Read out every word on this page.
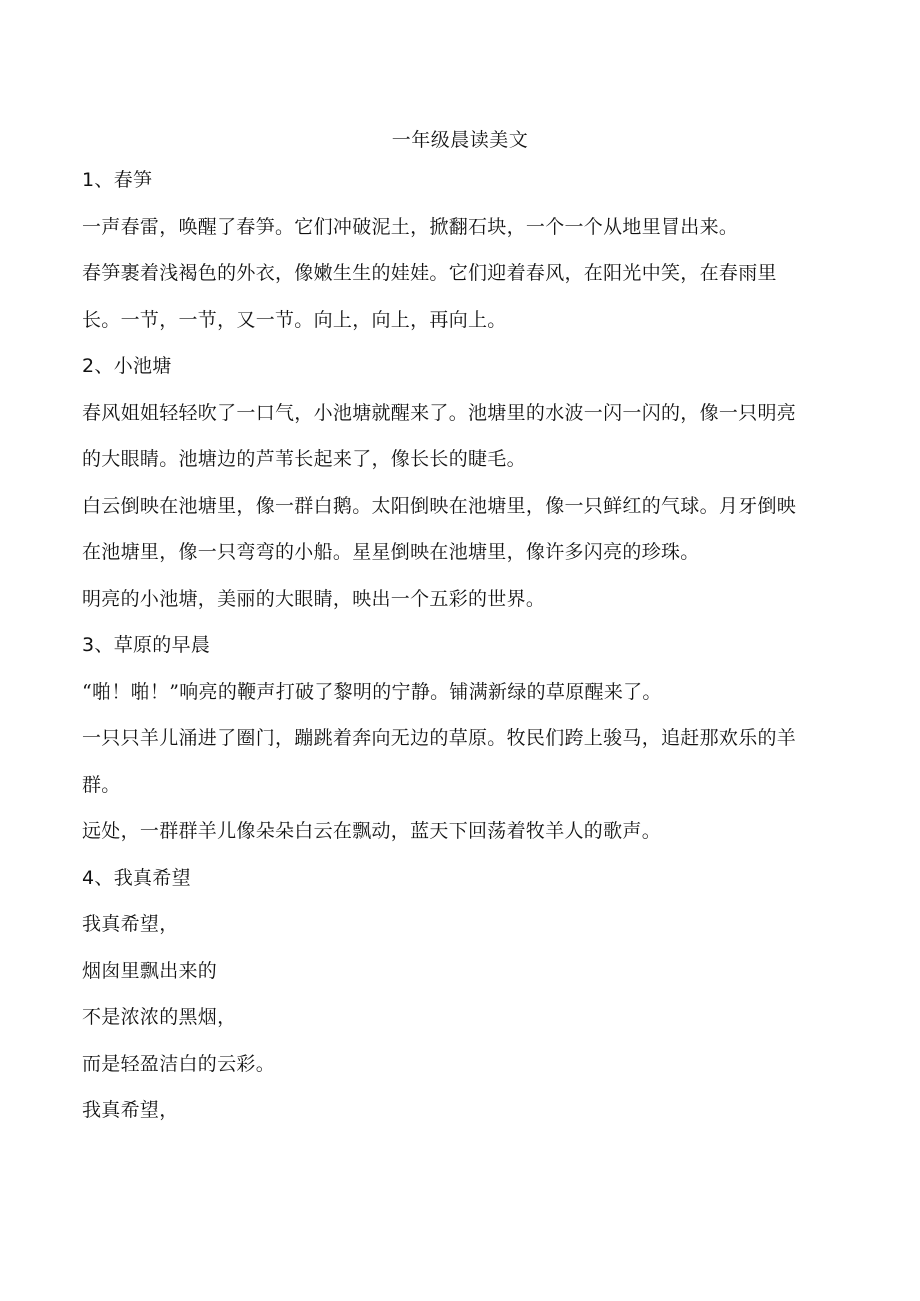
一年级晨读美文
1、春笋
一声春雷，唤醒了春笋。它们冲破泥土，掀翻石块，一个一个从地里冒出来。
春笋裹着浅褐色的外衣，像嫩生生的娃娃。它们迎着春风，在阳光中笑，在春雨里
长。一节，一节，又一节。向上，向上，再向上。
2、小池塘
春风姐姐轻轻吹了一口气，小池塘就醒来了。池塘里的水波一闪一闪的，像一只明亮
的大眼睛。池塘边的芦苇长起来了，像长长的睫毛。
白云倒映在池塘里，像一群白鹅。太阳倒映在池塘里，像一只鲜红的气球。月牙倒映
在池塘里，像一只弯弯的小船。星星倒映在池塘里，像许多闪亮的珍珠。
明亮的小池塘，美丽的大眼睛，映出一个五彩的世界。
3、草原的早晨
“啪！啪！”响亮的鞭声打破了黎明的宁静。铺满新绿的草原醒来了。
一只只羊儿涌进了圈门，蹦跳着奔向无边的草原。牧民们跨上骏马，追赶那欢乐的羊
群。
远处，一群群羊儿像朵朵白云在飘动，蓝天下回荡着牧羊人的歌声。
4、我真希望
我真希望，
烟囱里飘出来的
不是浓浓的黑烟，
而是轻盈洁白的云彩。
我真希望，
